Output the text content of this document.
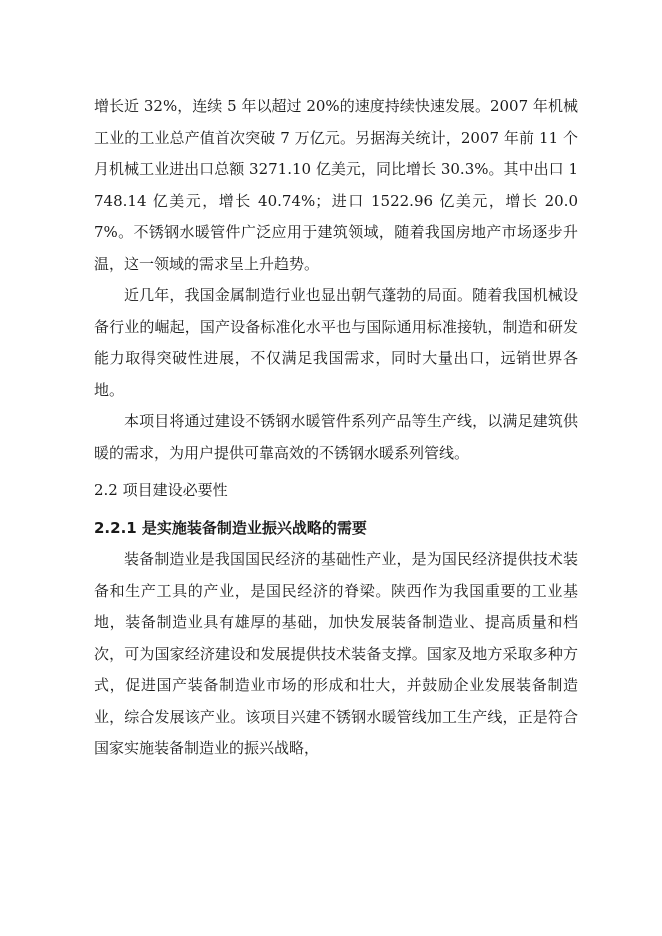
增长近 32%，连续 5 年以超过 20%的速度持续快速发展。2007 年机械工业的工业总产值首次突破 7 万亿元。另据海关统计，2007 年前 11 个月机械工业进出口总额 3271.10 亿美元，同比增长 30.3%。其中出口 1748.14 亿美元，增长 40.74%；进口 1522.96 亿美元，增长 20.07%。不锈钢水暖管件广泛应用于建筑领域，随着我国房地产市场逐步升温，这一领域的需求呈上升趋势。

近几年，我国金属制造行业也显出朝气蓬勃的局面。随着我国机械设备行业的崛起，国产设备标准化水平也与国际通用标准接轨，制造和研发能力取得突破性进展，不仅满足我国需求，同时大量出口，远销世界各地。

本项目将通过建设不锈钢水暖管件系列产品等生产线，以满足建筑供暖的需求，为用户提供可靠高效的不锈钢水暖系列管线。

2.2 项目建设必要性
2.2.1 是实施装备制造业振兴战略的需要

装备制造业是我国国民经济的基础性产业，是为国民经济提供技术装备和生产工具的产业，是国民经济的脊梁。陕西作为我国重要的工业基地，装备制造业具有雄厚的基础，加快发展装备制造业、提高质量和档次，可为国家经济建设和发展提供技术装备支撑。国家及地方采取多种方式，促进国产装备制造业市场的形成和壮大，并鼓励企业发展装备制造业，综合发展该产业。该项目兴建不锈钢水暖管线加工生产线，正是符合国家实施装备制造业的振兴战略，
